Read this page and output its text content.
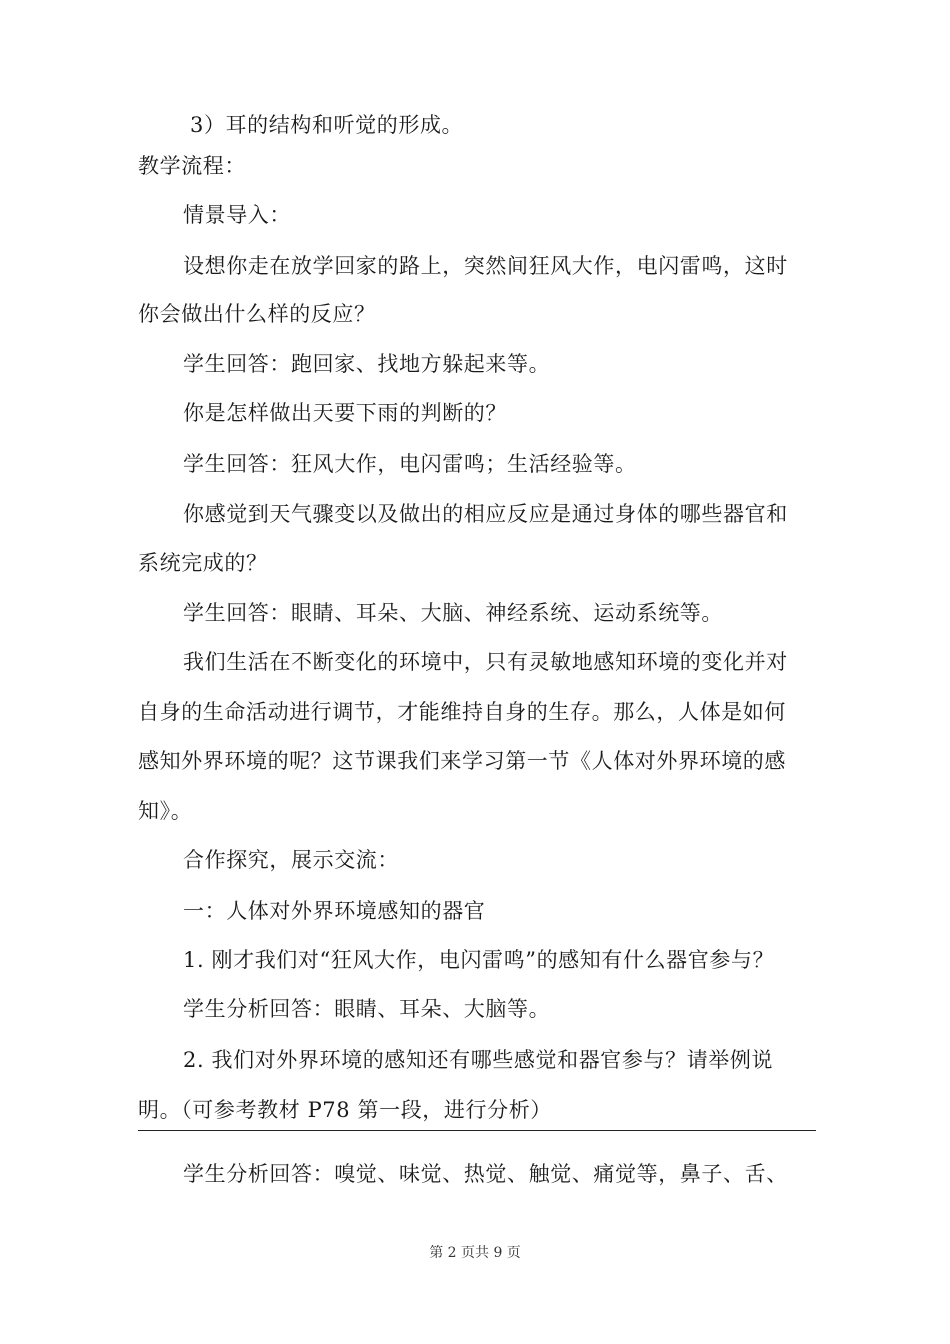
3）耳的结构和听觉的形成。
教学流程：
情景导入：
设想你走在放学回家的路上，突然间狂风大作，电闪雷鸣，这时
你会做出什么样的反应？
学生回答：跑回家、找地方躲起来等。
你是怎样做出天要下雨的判断的？
学生回答：狂风大作，电闪雷鸣；生活经验等。
你感觉到天气骤变以及做出的相应反应是通过身体的哪些器官和
系统完成的？
学生回答：眼睛、耳朵、大脑、神经系统、运动系统等。
我们生活在不断变化的环境中，只有灵敏地感知环境的变化并对
自身的生命活动进行调节，才能维持自身的生存。那么，人体是如何
感知外界环境的呢？这节课我们来学习第一节《人体对外界环境的感
知》。
合作探究，展示交流：
一：人体对外界环境感知的器官
1. 刚才我们对“狂风大作，电闪雷鸣”的感知有什么器官参与？
学生分析回答：眼睛、耳朵、大脑等。
2. 我们对外界环境的感知还有哪些感觉和器官参与？请举例说
明。（可参考教材 P78 第一段，进行分析）
学生分析回答：嗅觉、味觉、热觉、触觉、痛觉等，鼻子、舌、
第 2 页共 9 页
